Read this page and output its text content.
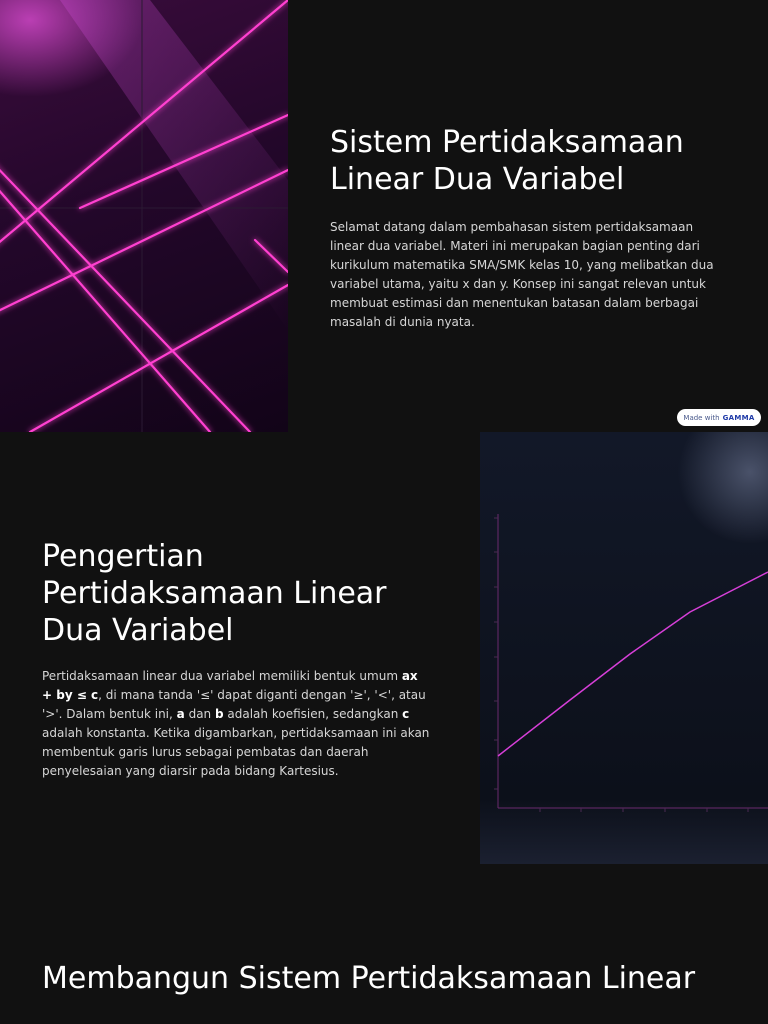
Sistem Pertidaksamaan Linear Dua Variabel

Selamat datang dalam pembahasan sistem pertidaksamaan linear dua variabel. Materi ini merupakan bagian penting dari kurikulum matematika SMA/SMK kelas 10, yang melibatkan dua variabel utama, yaitu x dan y. Konsep ini sangat relevan untuk membuat estimasi dan menentukan batasan dalam berbagai masalah di dunia nyata.

Made with GAMMA
Pengertian Pertidaksamaan Linear Dua Variabel

Pertidaksamaan linear dua variabel memiliki bentuk umum ax + by ≤ c, di mana tanda '≤' dapat diganti dengan '≥', '<', atau '>'. Dalam bentuk ini, a dan b adalah koefisien, sedangkan c adalah konstanta. Ketika digambarkan, pertidaksamaan ini akan membentuk garis lurus sebagai pembatas dan daerah penyelesaian yang diarsir pada bidang Kartesius.

Membangun Sistem Pertidaksamaan Linear
